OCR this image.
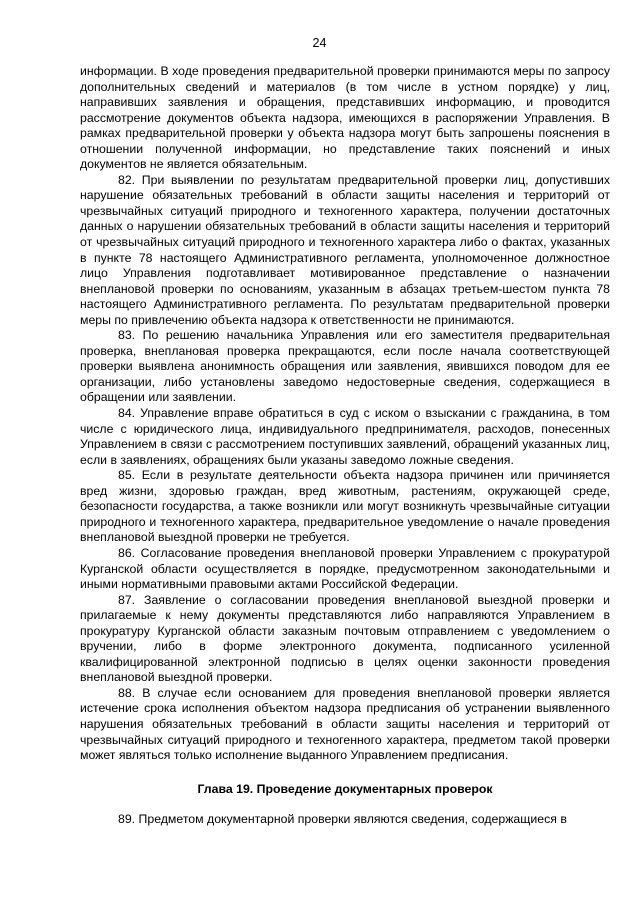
24

информации. В ходе проведения предварительной проверки принимаются меры по запросу дополнительных сведений и материалов (в том числе в устном порядке) у лиц, направивших заявления и обращения, представивших информацию, и проводится рассмотрение документов объекта надзора, имеющихся в распоряжении Управления. В рамках предварительной проверки у объекта надзора могут быть запрошены пояснения в отношении полученной информации, но представление таких пояснений и иных документов не является обязательным.

82. При выявлении по результатам предварительной проверки лиц, допустивших нарушение обязательных требований в области защиты населения и территорий от чрезвычайных ситуаций природного и техногенного характера, получении достаточных данных о нарушении обязательных требований в области защиты населения и территорий от чрезвычайных ситуаций природного и техногенного характера либо о фактах, указанных в пункте 78 настоящего Административного регламента, уполномоченное должностное лицо Управления подготавливает мотивированное представление о назначении внеплановой проверки по основаниям, указанным в абзацах третьем-шестом пункта 78 настоящего Административного регламента. По результатам предварительной проверки меры по привлечению объекта надзора к ответственности не принимаются.

83. По решению начальника Управления или его заместителя предварительная проверка, внеплановая проверка прекращаются, если после начала соответствующей проверки выявлена анонимность обращения или заявления, явившихся поводом для ее организации, либо установлены заведомо недостоверные сведения, содержащиеся в обращении или заявлении.

84. Управление вправе обратиться в суд с иском о взыскании с гражданина, в том числе с юридического лица, индивидуального предпринимателя, расходов, понесенных Управлением в связи с рассмотрением поступивших заявлений, обращений указанных лиц, если в заявлениях, обращениях были указаны заведомо ложные сведения.

85. Если в результате деятельности объекта надзора причинен или причиняется вред жизни, здоровью граждан, вред животным, растениям, окружающей среде, безопасности государства, а также возникли или могут возникнуть чрезвычайные ситуации природного и техногенного характера, предварительное уведомление о начале проведения внеплановой выездной проверки не требуется.

86. Согласование проведения внеплановой проверки Управлением с прокуратурой Курганской области осуществляется в порядке, предусмотренном законодательными и иными нормативными правовыми актами Российской Федерации.

87. Заявление о согласовании проведения внеплановой выездной проверки и прилагаемые к нему документы представляются либо направляются Управлением в прокуратуру Курганской области заказным почтовым отправлением с уведомлением о вручении, либо в форме электронного документа, подписанного усиленной квалифицированной электронной подписью в целях оценки законности проведения внеплановой выездной проверки.

88. В случае если основанием для проведения внеплановой проверки является истечение срока исполнения объектом надзора предписания об устранении выявленного нарушения обязательных требований в области защиты населения и территорий от чрезвычайных ситуаций природного и техногенного характера, предметом такой проверки может являться только исполнение выданного Управлением предписания.

Глава 19. Проведение документарных проверок

89. Предметом документарной проверки являются сведения, содержащиеся в
